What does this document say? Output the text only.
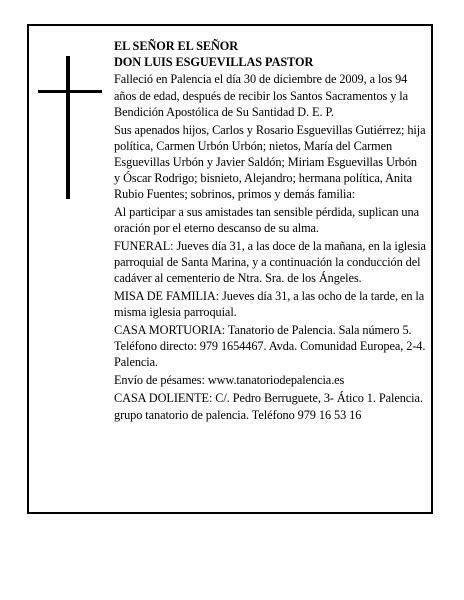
EL SEÑOR EL SEÑOR

DON LUIS ESGUEVILLAS PASTOR

Falleció en Palencia el día 30 de diciembre de 2009, a los 94 años de edad, después de recibir los Santos Sacramentos y la Bendición Apostólica de Su Santidad D. E. P.

Sus apenados hijos, Carlos y Rosario Esguevillas Gutiérrez; hija política, Carmen Urbón Urbón; nietos, María del Carmen Esguevillas Urbón y Javier Saldón; Miriam Esguevillas Urbón y Óscar Rodrigo; bisnieto, Alejandro; hermana política, Anita Rubio Fuentes; sobrinos, primos y demás familia:

Al participar a sus amistades tan sensible pérdida, suplican una oración por el eterno descanso de su alma.

FUNERAL: Jueves día 31, a las doce de la mañana, en la iglesia parroquial de Santa Marina, y a continuación la conducción del cadáver al cementerio de Ntra. Sra. de los Ángeles.

MISA DE FAMILIA: Jueves día 31, a las ocho de la tarde, en la misma iglesia parroquial.

CASA MORTUORIA: Tanatorio de Palencia. Sala número 5. Teléfono directo: 979 1654467. Avda. Comunidad Europea, 2-4. Palencia.

Envío de pésames: www.tanatoriodepalencia.es

CASA DOLIENTE: C/. Pedro Berruguete, 3- Ático 1. Palencia.

grupo tanatorio de palencia. Teléfono 979 16 53 16
